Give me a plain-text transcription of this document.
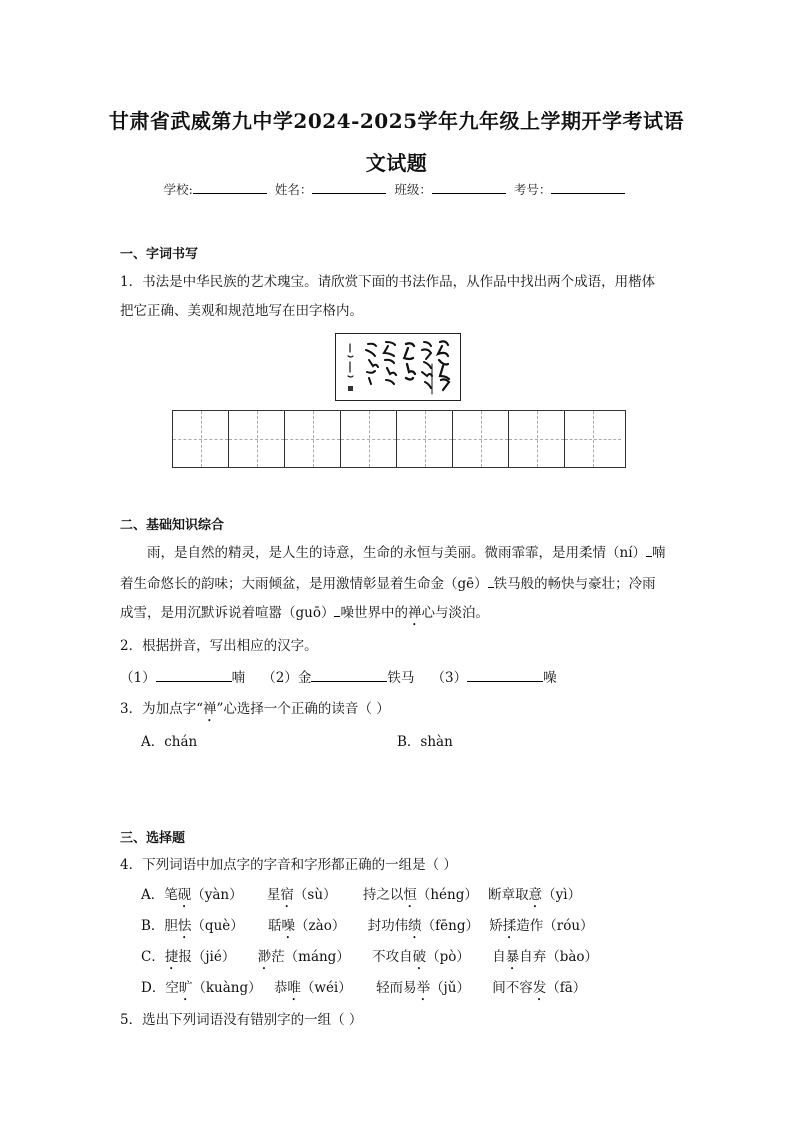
甘肃省武威第九中学2024-2025学年九年级上学期开学考试语
文试题
学校:	姓名：	班级：	考号：
一、字词书写
1．书法是中华民族的艺术瑰宝。请欣赏下面的书法作品，从作品中找出两个成语，用楷体
把它正确、美观和规范地写在田字格内。
二、基础知识综合
雨，是自然的精灵，是人生的诗意，生命的永恒与美丽。微雨霏霏，是用柔情（ní） 喃
着生命悠长的韵味；大雨倾盆，是用激情彰显着生命金（gē） 铁马般的畅快与豪壮；冷雨
成雪，是用沉默诉说着喧嚣（guō） 噪世界中的禅心与淡泊。
2．根据拼音，写出相应的汉字。
（1）	喃 （2）金	铁马 （3）	噪
3．为加点字“禅”心选择一个正确的读音（ ）
A．chán	B．shàn
三、选择题
4．下列词语中加点字的字音和字形都正确的一组是（ ）
A．笔砚（yàn） 星宿（sù） 持之以恒（héng） 断章取意（yì）
B．胆怯（què） 聒噪（zào） 封功伟绩（fēng） 矫揉造作（róu）
C．捷报（jié） 渺茫（máng） 不攻自破（pò） 自暴自弃（bào）
D．空旷（kuàng） 恭唯（wéi） 轻而易举（jǔ） 间不容发（fā）
5．选出下列词语没有错别字的一组（ ）
